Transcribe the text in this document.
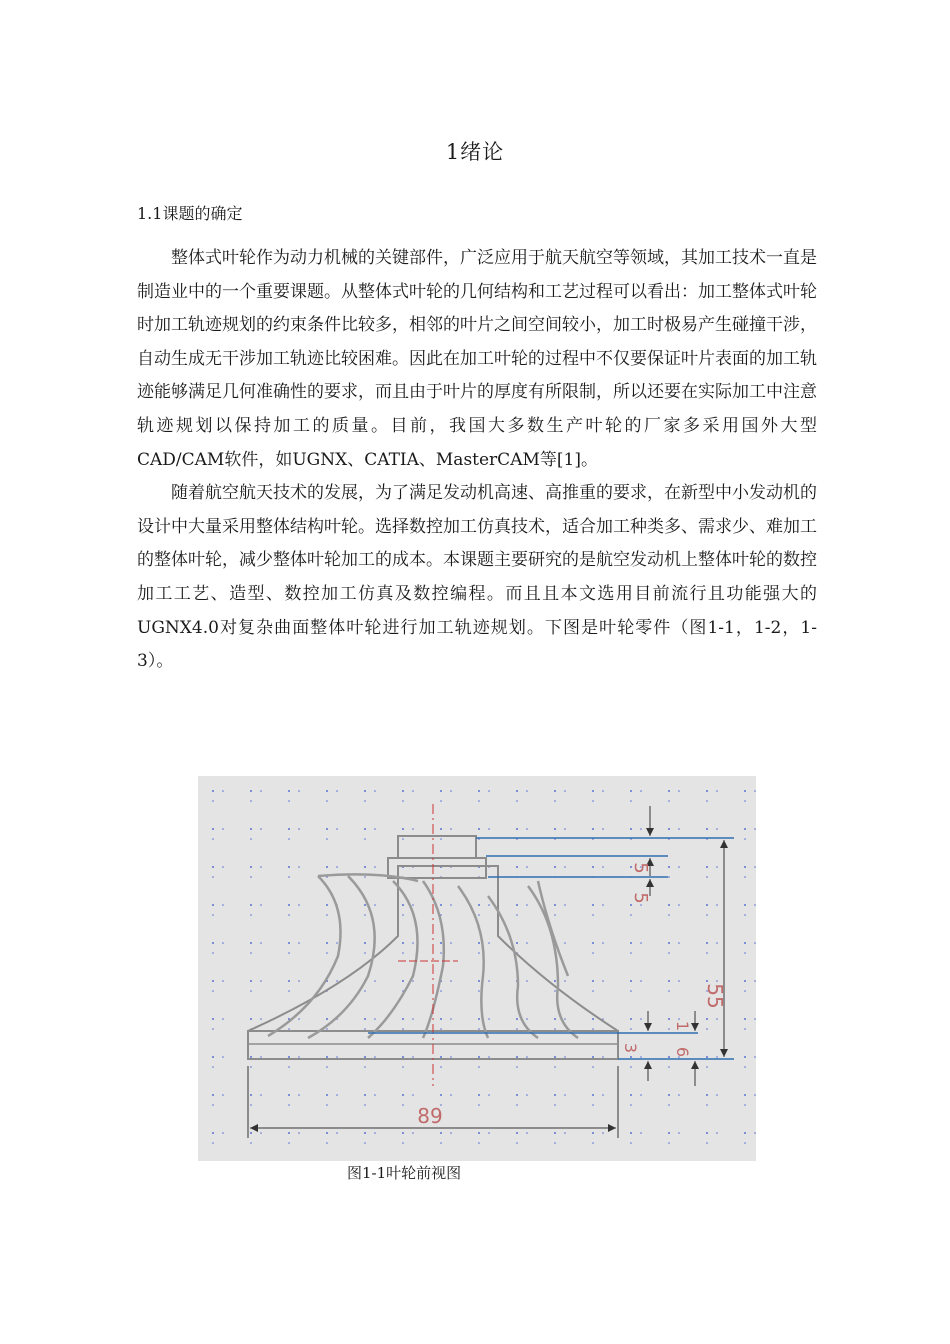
1绪论
1.1课题的确定

整体式叶轮作为动力机械的关键部件，广泛应用于航天航空等领域，其加工技术一直是制造业中的一个重要课题。从整体式叶轮的几何结构和工艺过程可以看出：加工整体式叶轮时加工轨迹规划的约束条件比较多，相邻的叶片之间空间较小，加工时极易产生碰撞干涉，自动生成无干涉加工轨迹比较困难。因此在加工叶轮的过程中不仅要保证叶片表面的加工轨迹能够满足几何准确性的要求，而且由于叶片的厚度有所限制，所以还要在实际加工中注意轨迹规划以保持加工的质量。目前，我国大多数生产叶轮的厂家多采用国外大型CAD/CAM软件，如UGNX、CATIA、MasterCAM等[1]。

随着航空航天技术的发展，为了满足发动机高速、高推重的要求，在新型中小发动机的设计中大量采用整体结构叶轮。选择数控加工仿真技术，适合加工种类多、需求少、难加工的整体叶轮，减少整体叶轮加工的成本。本课题主要研究的是航空发动机上整体叶轮的数控加工工艺、造型、数控加工仿真及数控编程。而且且本文选用目前流行且功能强大的UGNX4.0对复杂曲面整体叶轮进行加工轨迹规划。下图是叶轮零件（图1-1，1-2，1-3）。

89
55
5
5
3
1
6
图1-1叶轮前视图
